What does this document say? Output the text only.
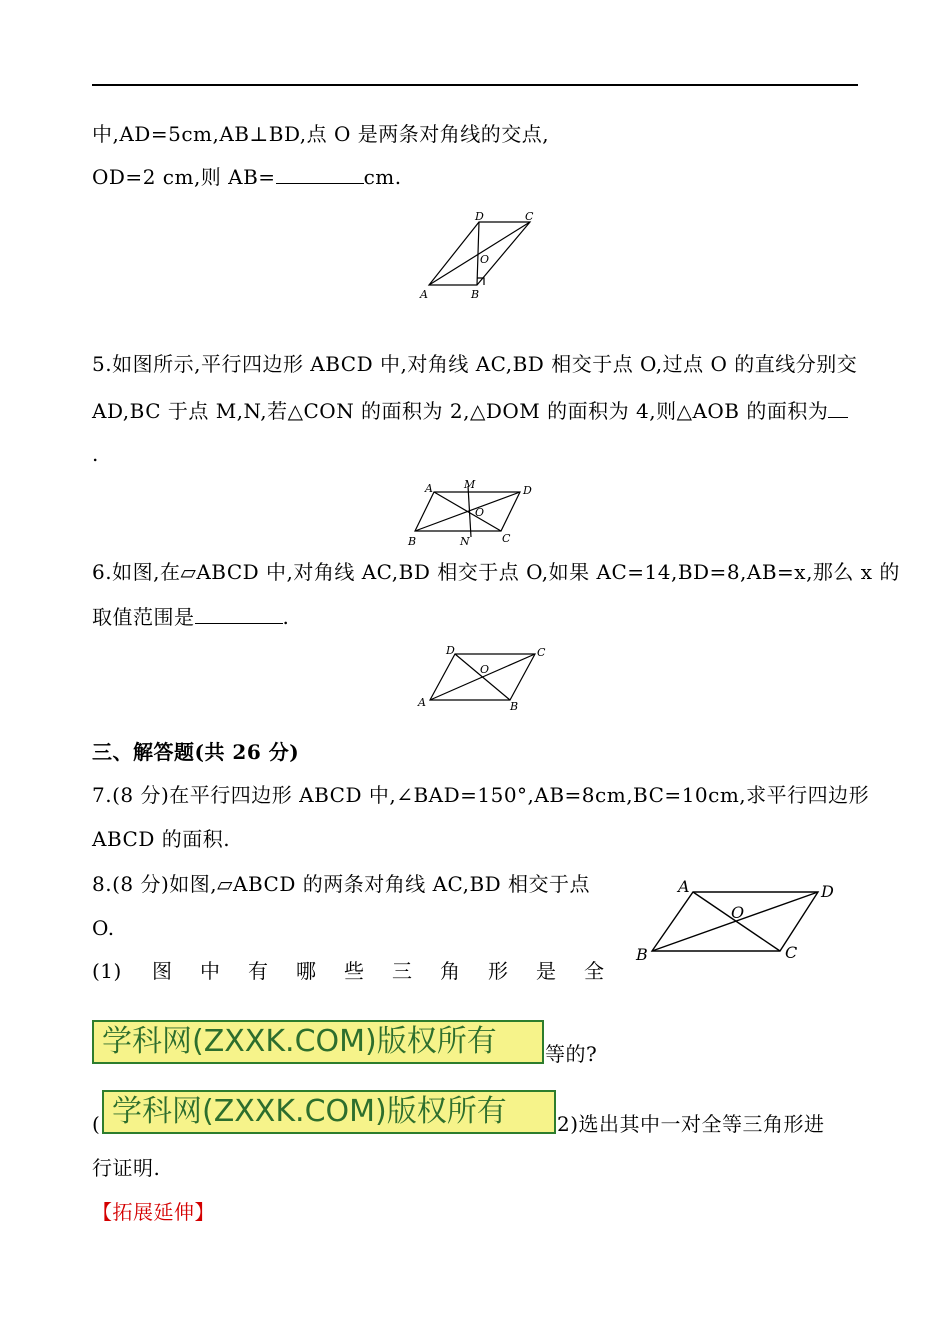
中,AD=5cm,AB⊥BD,点 O 是两条对角线的交点,
OD=2 cm,则 AB=	cm.
A	B
C
D
O
5.如图所示,平行四边形 ABCD 中,对角线 AC,BD 相交于点 O,过点 O 的直线分别交
AD,BC 于点 M,N,若△CON 的面积为 2,△DOM 的面积为 4,则△AOB 的面积为
.
A	M	D
O
B	N	C
6.如图,在▱ABCD 中,对角线 AC,BD 相交于点 O,如果 AC=14,BD=8,AB=x,那么 x 的
取值范围是	.
D	C
O
A	B
三、解答题(共 26 分)
7.(8 分)在平行四边形 ABCD 中,∠BAD=150°,AB=8cm,BC=10cm,求平行四边形
ABCD 的面积.
8.(8 分)如图,▱ABCD 的两条对角线 AC,BD 相交于点
O.
(1) 图 中 有 哪 些 三 角 形 是 全
A	D
O
B	C
学科网(ZXXK.COM)版权所有	等的?
( 学科网(ZXXK.COM)版权所有	2)选出其中一对全等三角形进
行证明.
【拓展延伸】
